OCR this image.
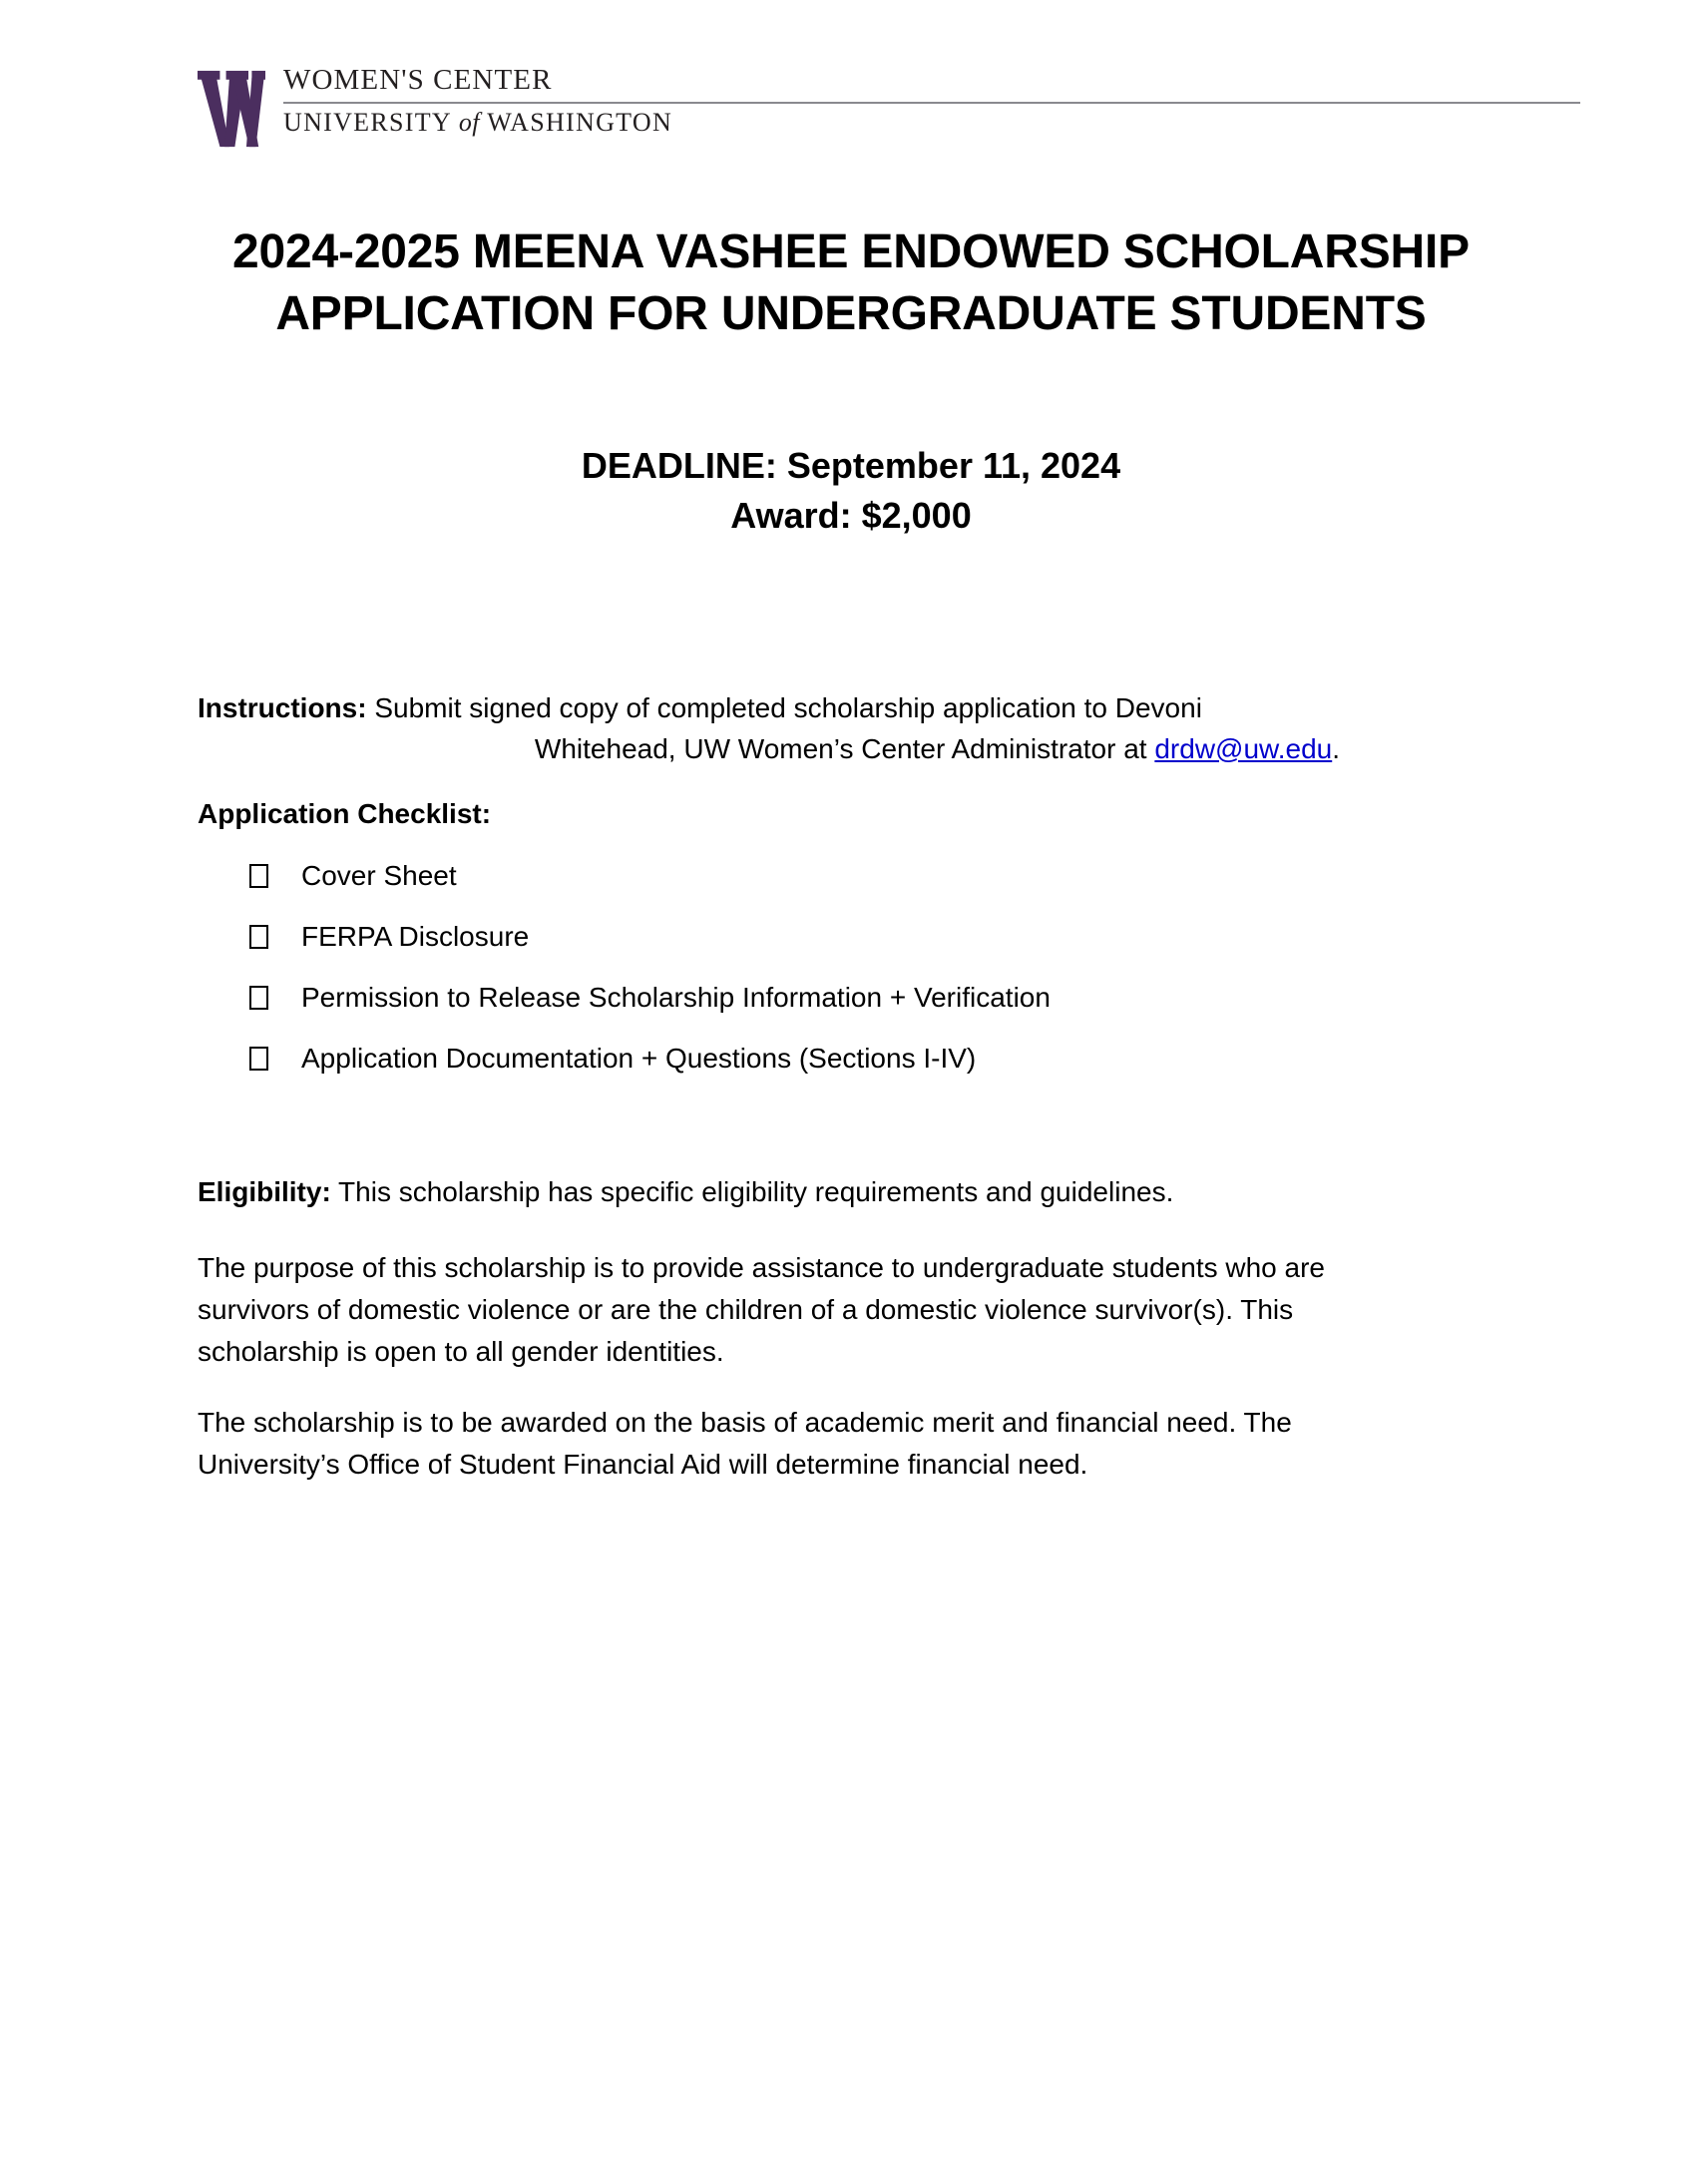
WOMEN'S CENTER
UNIVERSITY of WASHINGTON
2024-2025 MEENA VASHEE ENDOWED SCHOLARSHIP
APPLICATION FOR UNDERGRADUATE STUDENTS
DEADLINE: September 11, 2024
Award: $2,000
Instructions: Submit signed copy of completed scholarship application to Devoni
Whitehead, UW Women’s Center Administrator at drdw@uw.edu.
Application Checklist:
Cover Sheet
FERPA Disclosure
Permission to Release Scholarship Information + Verification
Application Documentation + Questions (Sections I-IV)
Eligibility: This scholarship has specific eligibility requirements and guidelines.
The purpose of this scholarship is to provide assistance to undergraduate students who are survivors of domestic violence or are the children of a domestic violence survivor(s). This scholarship is open to all gender identities.
The scholarship is to be awarded on the basis of academic merit and financial need. The University’s Office of Student Financial Aid will determine financial need.
